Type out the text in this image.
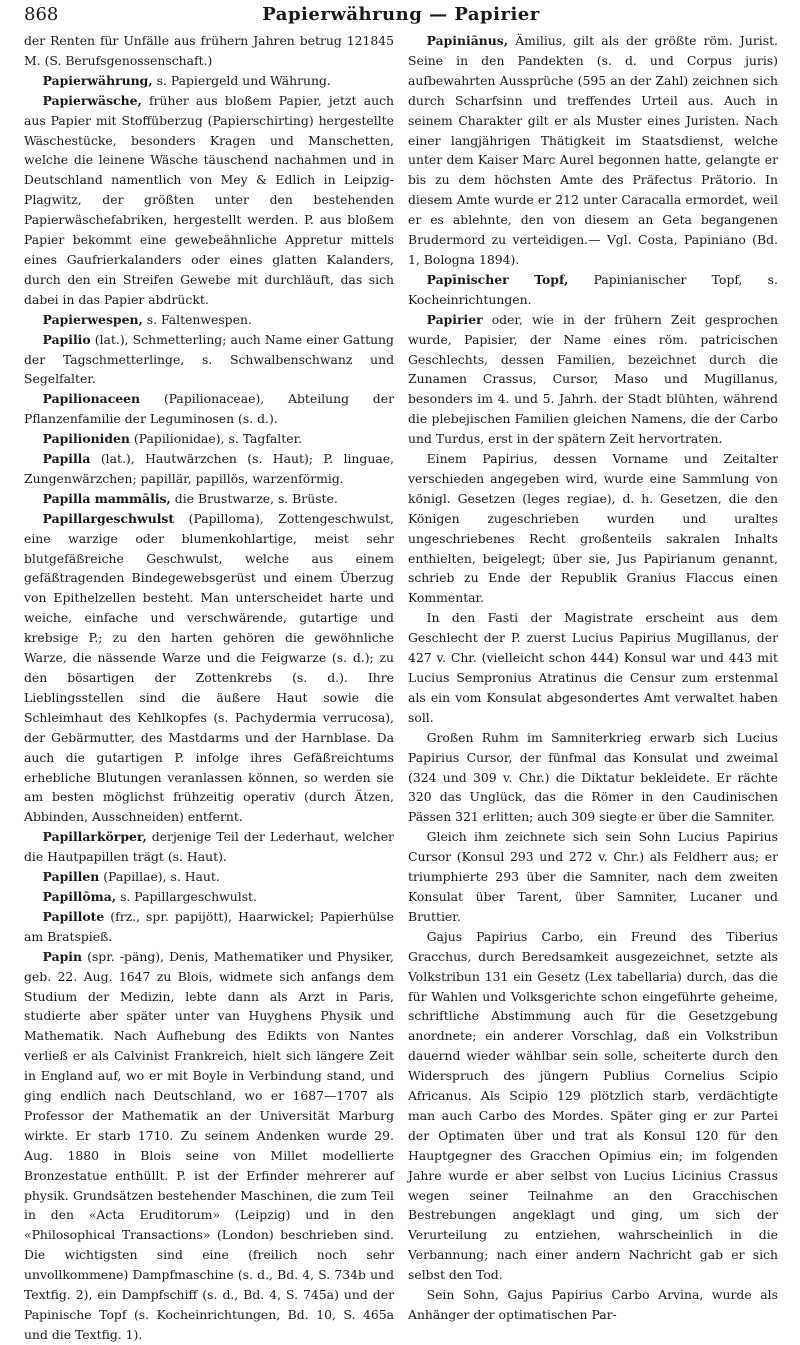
868	Papierwährung — Papirier

der Renten für Unfälle aus frühern Jahren betrug 121845 M. (S. Berufsgenossenschaft.)

Papierwährung, s. Papiergeld und Währung.

Papierwäsche, früher aus bloßem Papier, jetzt auch aus Papier mit Stoffüberzug (Papierschirting) hergestellte Wäschestücke, besonders Kragen und Manschetten, welche die leinene Wäsche täuschend nachahmen und in Deutschland namentlich von Mey & Edlich in Leipzig-Plagwitz, der größten unter den bestehenden Papierwäschefabriken, hergestellt werden. P. aus bloßem Papier bekommt eine gewebeähnliche Appretur mittels eines Gaufrierkalanders oder eines glatten Kalanders, durch den ein Streifen Gewebe mit durchläuft, das sich dabei in das Papier abdrückt.

Papierwespen, s. Faltenwespen.

Papilio (lat.), Schmetterling; auch Name einer Gattung der Tagschmetterlinge, s. Schwalbenschwanz und Segelfalter.

Papilionaceen (Papilionaceae), Abteilung der Pflanzenfamilie der Leguminosen (s. d.).

Papilioniden (Papilionidae), s. Tagfalter.

Papilla (lat.), Hautwärzchen (s. Haut); P. linguae, Zungenwärzchen; papillär, papillös, warzenförmig.

Papilla mammālis, die Brustwarze, s. Brüste.

Papillargeschwulst (Papilloma), Zottengeschwulst, eine warzige oder blumenkohlartige, meist sehr blutgefäßreiche Geschwulst, welche aus einem gefäßtragenden Bindegewebsgerüst und einem Überzug von Epithelzellen besteht. Man unterscheidet harte und weiche, einfache und verschwärende, gutartige und krebsige P.; zu den harten gehören die gewöhnliche Warze, die nässende Warze und die Feigwarze (s. d.); zu den bösartigen der Zottenkrebs (s. d.). Ihre Lieblingsstellen sind die äußere Haut sowie die Schleimhaut des Kehlkopfes (s. Pachydermia verrucosa), der Gebärmutter, des Mastdarms und der Harnblase. Da auch die gutartigen P. infolge ihres Gefäßreichtums erhebliche Blutungen veranlassen können, so werden sie am besten möglichst frühzeitig operativ (durch Ätzen, Abbinden, Ausschneiden) entfernt.

Papillarkörper, derjenige Teil der Lederhaut, welcher die Hautpapillen trägt (s. Haut).

Papillen (Papillae), s. Haut.

Papillōma, s. Papillargeschwulst.

Papillote (frz., spr. papijött), Haarwickel; Papierhülse am Bratspieß.

Papin (spr. -päng), Denis, Mathematiker und Physiker, geb. 22. Aug. 1647 zu Blois, widmete sich anfangs dem Studium der Medizin, lebte dann als Arzt in Paris, studierte aber später unter van Huyghens Physik und Mathematik. Nach Aufhebung des Edikts von Nantes verließ er als Calvinist Frankreich, hielt sich längere Zeit in England auf, wo er mit Boyle in Verbindung stand, und ging endlich nach Deutschland, wo er 1687—1707 als Professor der Mathematik an der Universität Marburg wirkte. Er starb 1710. Zu seinem Andenken wurde 29. Aug. 1880 in Blois seine von Millet modellierte Bronzestatue enthüllt. P. ist der Erfinder mehrerer auf physik. Grundsätzen bestehender Maschinen, die zum Teil in den «Acta Eruditorum» (Leipzig) und in den «Philosophical Transactions» (London) beschrieben sind. Die wichtigsten sind eine (freilich noch sehr unvollkommene) Dampfmaschine (s. d., Bd. 4, S. 734b und Textfig. 2), ein Dampfschiff (s. d., Bd. 4, S. 745a) und der Papinische Topf (s. Kocheinrichtungen, Bd. 10, S. 465a und die Textfig. 1).

Papiniānus, Ämilius, gilt als der größte röm. Jurist. Seine in den Pandekten (s. d. und Corpus juris) aufbewahrten Aussprüche (595 an der Zahl) zeichnen sich durch Scharfsinn und treffendes Urteil aus. Auch in seinem Charakter gilt er als Muster eines Juristen. Nach einer langjährigen Thätigkeit im Staatsdienst, welche unter dem Kaiser Marc Aurel begonnen hatte, gelangte er bis zu dem höchsten Amte des Präfectus Prätorio. In diesem Amte wurde er 212 unter Caracalla ermordet, weil er es ablehnte, den von diesem an Geta begangenen Brudermord zu verteidigen.— Vgl. Costa, Papiniano (Bd. 1, Bologna 1894).

Papīnischer Topf, Papinianischer Topf, s. Kocheinrichtungen.

Papirier oder, wie in der frühern Zeit gesprochen wurde, Papisier, der Name eines röm. patricischen Geschlechts, dessen Familien, bezeichnet durch die Zunamen Crassus, Cursor, Maso und Mugillanus, besonders im 4. und 5. Jahrh. der Stadt blühten, während die plebejischen Familien gleichen Namens, die der Carbo und Turdus, erst in der spätern Zeit hervortraten.

Einem Papirius, dessen Vorname und Zeitalter verschieden angegeben wird, wurde eine Sammlung von königl. Gesetzen (leges regiae), d. h. Gesetzen, die den Königen zugeschrieben wurden und uraltes ungeschriebenes Recht großenteils sakralen Inhalts enthielten, beigelegt; über sie, Jus Papirianum genannt, schrieb zu Ende der Republik Granius Flaccus einen Kommentar.

In den Fasti der Magistrate erscheint aus dem Geschlecht der P. zuerst Lucius Papirius Mugillanus, der 427 v. Chr. (vielleicht schon 444) Konsul war und 443 mit Lucius Sempronius Atratinus die Censur zum erstenmal als ein vom Konsulat abgesondertes Amt verwaltet haben soll.

Großen Ruhm im Samniterkrieg erwarb sich Lucius Papirius Cursor, der fünfmal das Konsulat und zweimal (324 und 309 v. Chr.) die Diktatur bekleidete. Er rächte 320 das Unglück, das die Römer in den Caudinischen Pässen 321 erlitten; auch 309 siegte er über die Samniter.

Gleich ihm zeichnete sich sein Sohn Lucius Papirius Cursor (Konsul 293 und 272 v. Chr.) als Feldherr aus; er triumphierte 293 über die Samniter, nach dem zweiten Konsulat über Tarent, über Samniter, Lucaner und Bruttier.

Gajus Papirius Carbo, ein Freund des Tiberius Gracchus, durch Beredsamkeit ausgezeichnet, setzte als Volkstribun 131 ein Gesetz (Lex tabellaria) durch, das die für Wahlen und Volksgerichte schon eingeführte geheime, schriftliche Abstimmung auch für die Gesetzgebung anordnete; ein anderer Vorschlag, daß ein Volkstribun dauernd wieder wählbar sein solle, scheiterte durch den Widerspruch des jüngern Publius Cornelius Scipio Africanus. Als Scipio 129 plötzlich starb, verdächtigte man auch Carbo des Mordes. Später ging er zur Partei der Optimaten über und trat als Konsul 120 für den Hauptgegner des Gracchen Opimius ein; im folgenden Jahre wurde er aber selbst von Lucius Licinius Crassus wegen seiner Teilnahme an den Gracchischen Bestrebungen angeklagt und ging, um sich der Verurteilung zu entziehen, wahrscheinlich in die Verbannung; nach einer andern Nachricht gab er sich selbst den Tod.

Sein Sohn, Gajus Papirius Carbo Arvina, wurde als Anhänger der optimatischen Par-
